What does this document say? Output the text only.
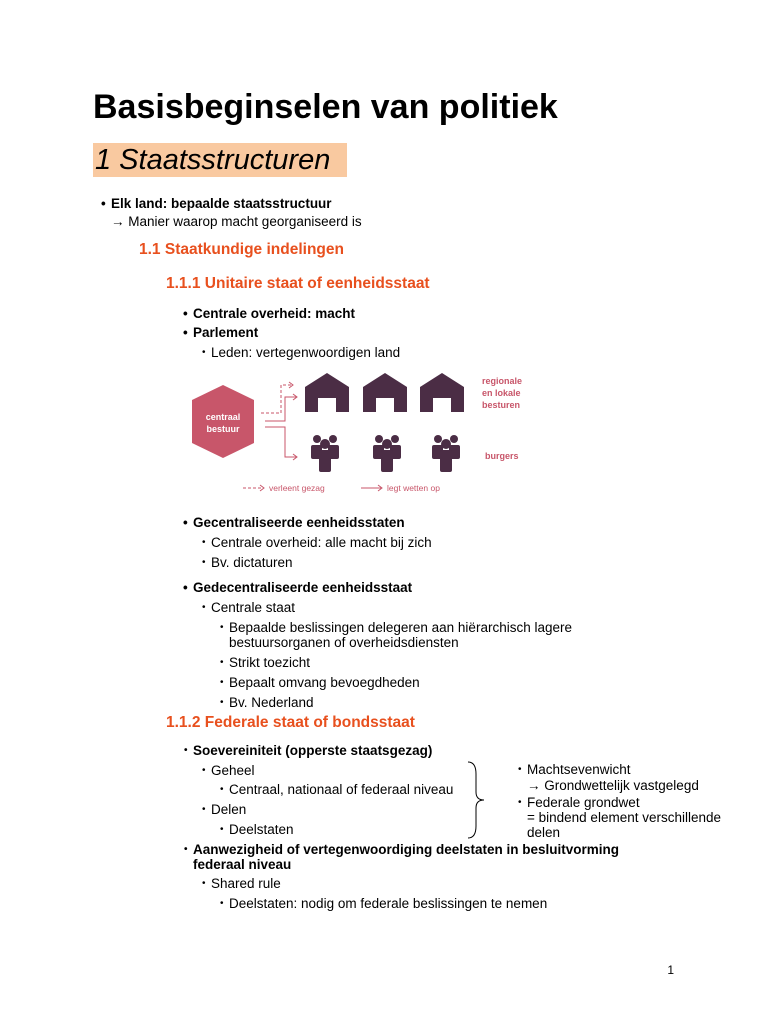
Basisbeginselen van politiek
1 Staatsstructuren
• Elk land: bepaalde staatsstructuur
→ Manier waarop macht georganiseerd is
1.1 Staatkundige indelingen
1.1.1 Unitaire staat of eenheidsstaat
• Centrale overheid: macht
• Parlement
• Leden: vertegenwoordigen land
centraal
bestuur
regionale
en lokale
besturen
burgers
verleent gezag	legt wetten op
• Gecentraliseerde eenheidsstaten
• Centrale overheid: alle macht bij zich
• Bv. dictaturen
• Gedecentraliseerde eenheidsstaat
• Centrale staat
• Bepaalde beslissingen delegeren aan hiërarchisch lagere
bestuursorganen of overheidsdiensten
• Strikt toezicht
• Bepaalt omvang bevoegdheden
• Bv. Nederland
1.1.2 Federale staat of bondsstaat
• Soevereiniteit (opperste staatsgezag)
• Geheel
• Centraal, nationaal of federaal niveau
• Delen
• Deelstaten
• Machtsevenwicht
→ Grondwettelijk vastgelegd
• Federale grondwet
= bindend element verschillende
delen
• Aanwezigheid of vertegenwoordiging deelstaten in besluitvorming
federaal niveau
• Shared rule
• Deelstaten: nodig om federale beslissingen te nemen
1
